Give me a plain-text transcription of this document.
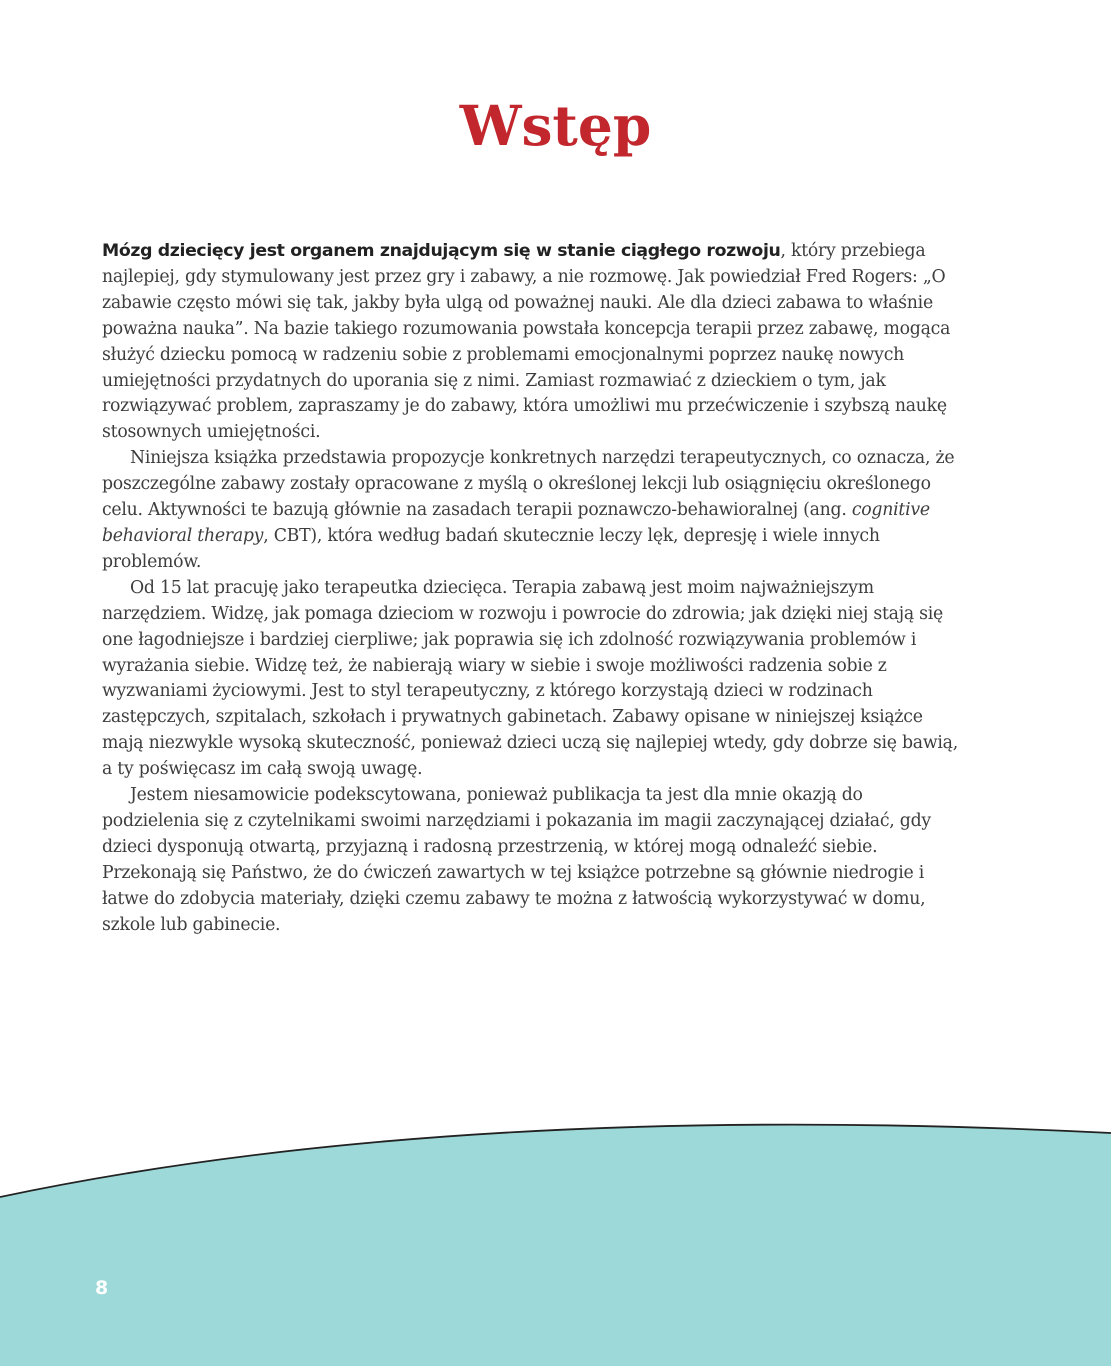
Wstęp

Mózg dziecięcy jest organem znajdującym się w stanie ciągłego rozwoju, który przebiega najlepiej, gdy stymulowany jest przez gry i zabawy, a nie rozmowę. Jak powiedział Fred Rogers: „O zabawie często mówi się tak, jakby była ulgą od poważnej nauki. Ale dla dzieci zabawa to właśnie poważna nauka”. Na bazie takiego rozumowania powstała koncepcja terapii przez zabawę, mogąca służyć dziecku pomocą w radzeniu sobie z problemami emocjonalnymi poprzez naukę nowych umiejętności przydatnych do uporania się z nimi. Zamiast rozmawiać z dzieckiem o tym, jak rozwiązywać problem, zapraszamy je do zabawy, która umożliwi mu przećwiczenie i szybszą naukę stosownych umiejętności.

Niniejsza książka przedstawia propozycje konkretnych narzędzi terapeutycznych, co oznacza, że poszczególne zabawy zostały opracowane z myślą o określonej lekcji lub osiągnięciu określonego celu. Aktywności te bazują głównie na zasadach terapii poznawczo-behawioralnej (ang. cognitive behavioral therapy, CBT), która według badań skutecznie leczy lęk, depresję i wiele innych problemów.

Od 15 lat pracuję jako terapeutka dziecięca. Terapia zabawą jest moim najważniejszym narzędziem. Widzę, jak pomaga dzieciom w rozwoju i powrocie do zdrowia; jak dzięki niej stają się one łagodniejsze i bardziej cierpliwe; jak poprawia się ich zdolność rozwiązywania problemów i wyrażania siebie. Widzę też, że nabierają wiary w siebie i swoje możliwości radzenia sobie z wyzwaniami życiowymi. Jest to styl terapeutyczny, z którego korzystają dzieci w rodzinach zastępczych, szpitalach, szkołach i prywatnych gabinetach. Zabawy opisane w niniejszej książce mają niezwykle wysoką skuteczność, ponieważ dzieci uczą się najlepiej wtedy, gdy dobrze się bawią, a ty poświęcasz im całą swoją uwagę.

Jestem niesamowicie podekscytowana, ponieważ publikacja ta jest dla mnie okazją do podzielenia się z czytelnikami swoimi narzędziami i pokazania im magii zaczynającej działać, gdy dzieci dysponują otwartą, przyjazną i radosną przestrzenią, w której mogą odnaleźć siebie. Przekonają się Państwo, że do ćwiczeń zawartych w tej książce potrzebne są głównie niedrogie i łatwe do zdobycia materiały, dzięki czemu zabawy te można z łatwością wykorzystywać w domu, szkole lub gabinecie.

8
